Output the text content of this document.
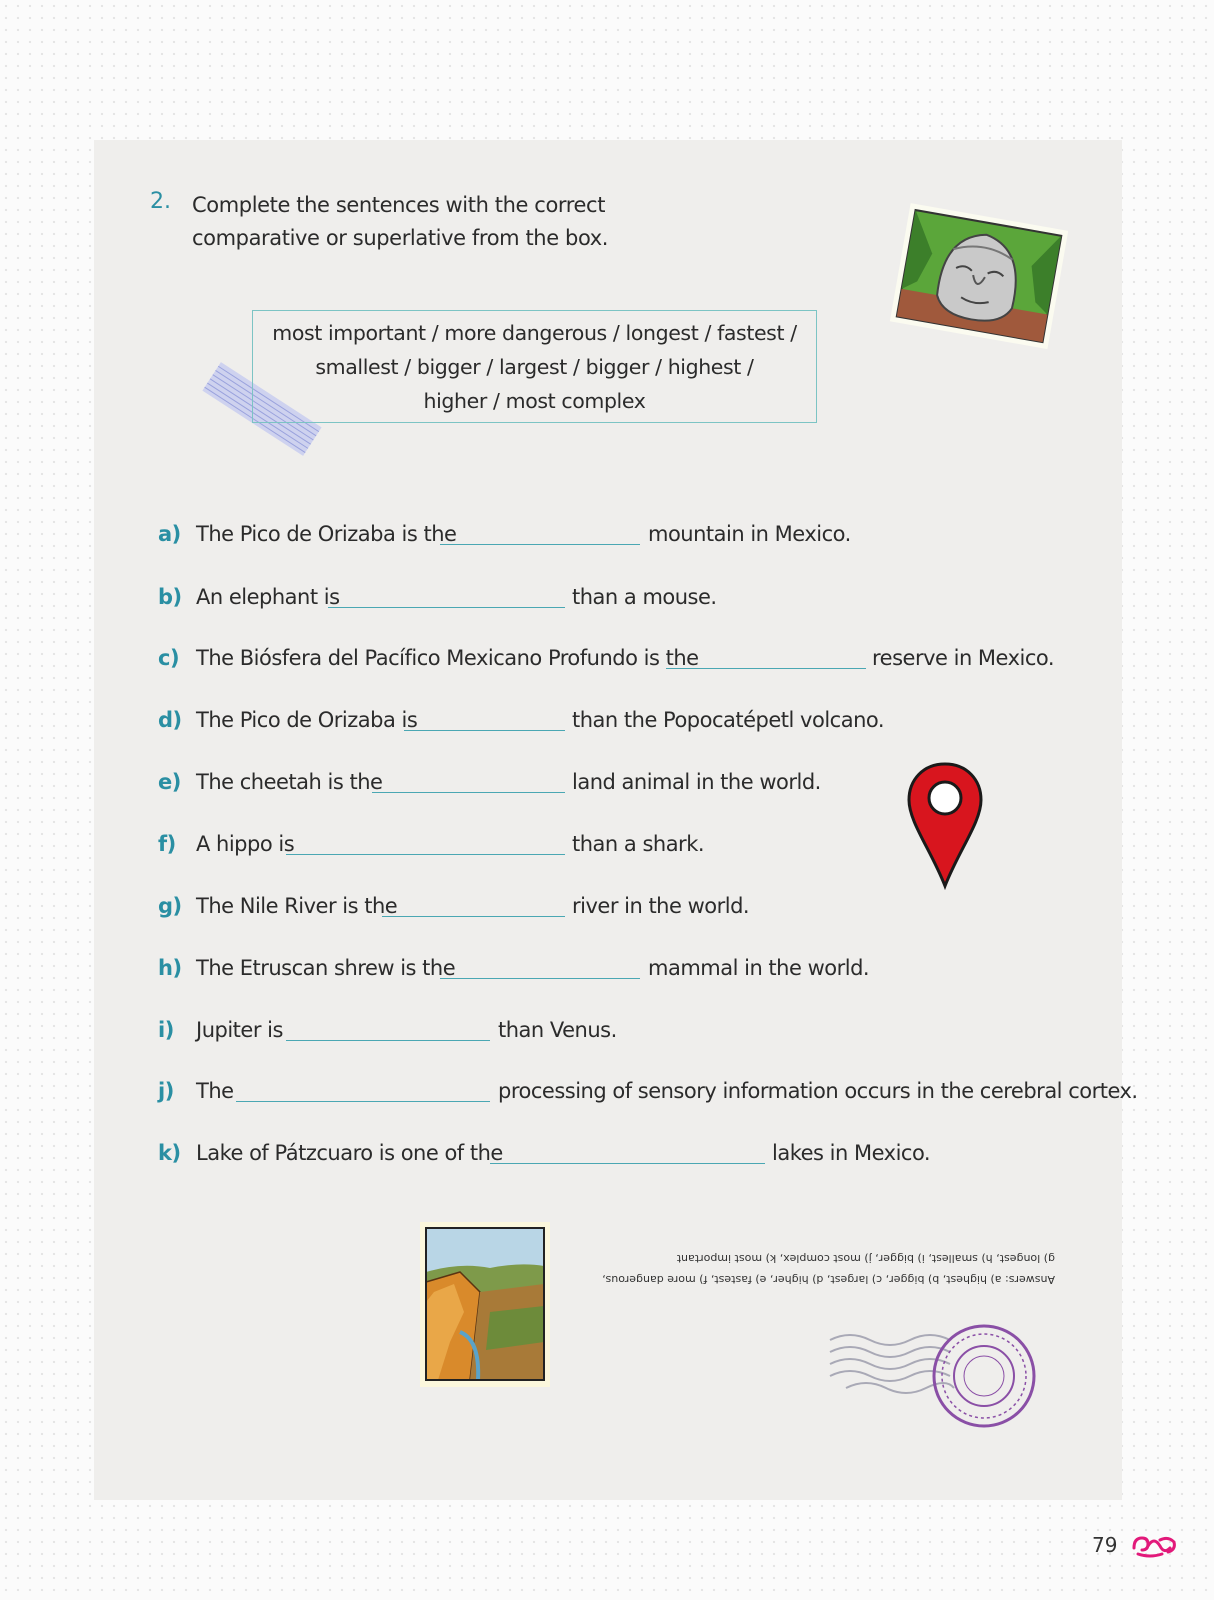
2. Complete the sentences with the correct comparative or superlative from the box.
most important / more dangerous / longest / fastest /
smallest / bigger / largest / bigger / highest /
higher / most complex
a) The Pico de Orizaba is the	mountain in Mexico.
b) An elephant is	than a mouse.
c) The Biósfera del Pacífico Mexicano Profundo is the	reserve in Mexico.
d) The Pico de Orizaba is	than the Popocatépetl volcano.
e) The cheetah is the	land animal in the world.
f) A hippo is	than a shark.
g) The Nile River is the	river in the world.
h) The Etruscan shrew is the	mammal in the world.
i) Jupiter is	than Venus.
j) The	processing of sensory information occurs in the cerebral cortex.
k) Lake of Pátzcuaro is one of the	lakes in Mexico.
Answers: a) highest, b) bigger, c) largest, d) higher, e) fastest, f) more dangerous,
g) longest, h) smallest, i) bigger, j) most complex, k) most important
79
